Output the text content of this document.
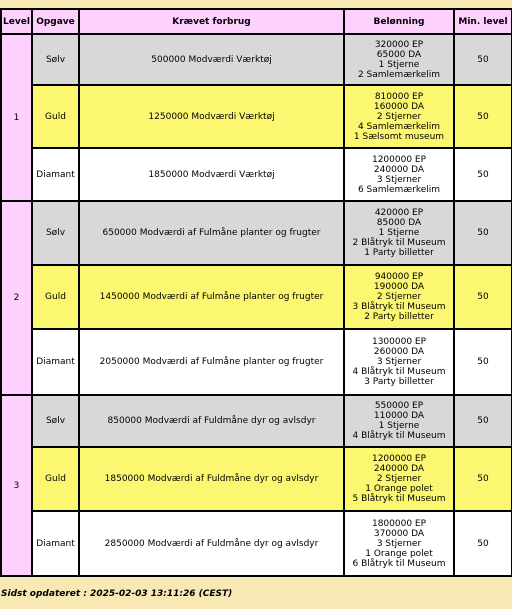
Level	Opgave	Krævet forbrug	Belønning	Min. level
1	Sølv	500000 Modværdi Værktøj	320000 EP
65000 DA
1 Stjerne
2 Samlemærkelim	50
	Guld	1250000 Modværdi Værktøj	810000 EP
160000 DA
2 Stjerner
4 Samlemærkelim
1 Sælsomt museum	50
	Diamant	1850000 Modværdi Værktøj	1200000 EP
240000 DA
3 Stjerner
6 Samlemærkelim	50
2	Sølv	650000 Modværdi af Fulmåne planter og frugter	420000 EP
85000 DA
1 Stjerne
2 Blåtryk til Museum
1 Party billetter	50
	Guld	1450000 Modværdi af Fulmåne planter og frugter	940000 EP
190000 DA
2 Stjerner
3 Blåtryk til Museum
2 Party billetter	50
	Diamant	2050000 Modværdi af Fulmåne planter og frugter	1300000 EP
260000 DA
3 Stjerner
4 Blåtryk til Museum
3 Party billetter	50
3	Sølv	850000 Modværdi af Fuldmåne dyr og avlsdyr	550000 EP
110000 DA
1 Stjerne
4 Blåtryk til Museum	50
	Guld	1850000 Modværdi af Fuldmåne dyr og avlsdyr	1200000 EP
240000 DA
2 Stjerner
1 Orange polet
5 Blåtryk til Museum	50
	Diamant	2850000 Modværdi af Fuldmåne dyr og avlsdyr	1800000 EP
370000 DA
3 Stjerner
1 Orange polet
6 Blåtryk til Museum	50
Sidst opdateret : 2025-02-03 13:11:26 (CEST)
